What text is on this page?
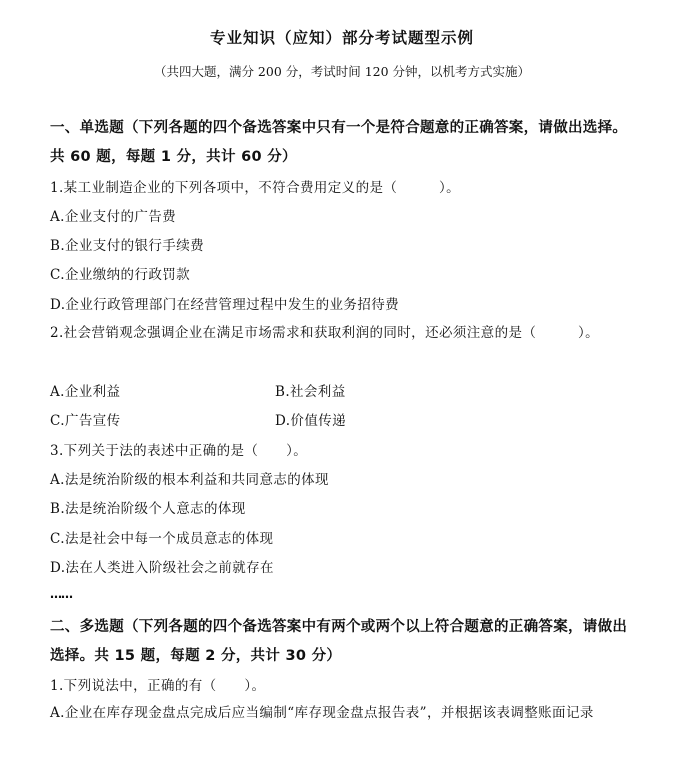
专业知识（应知）部分考试题型示例
（共四大题，满分 200 分，考试时间 120 分钟，以机考方式实施）
一、单选题（下列各题的四个备选答案中只有一个是符合题意的正确答案，请做出选择。共 60 题，每题 1 分，共计 60 分）
1.某工业制造企业的下列各项中，不符合费用定义的是（　　　）。
A.企业支付的广告费
B.企业支付的银行手续费
C.企业缴纳的行政罚款
D.企业行政管理部门在经营管理过程中发生的业务招待费
2.社会营销观念强调企业在满足市场需求和获取利润的同时，还必须注意的是（　　　）。
A.企业利益	B.社会利益
C.广告宣传	D.价值传递
3.下列关于法的表述中正确的是（　　）。
A.法是统治阶级的根本利益和共同意志的体现
B.法是统治阶级个人意志的体现
C.法是社会中每一个成员意志的体现
D.法在人类进入阶级社会之前就存在
……
二、多选题（下列各题的四个备选答案中有两个或两个以上符合题意的正确答案，请做出选择。共 15 题，每题 2 分，共计 30 分）
1.下列说法中，正确的有（　　）。
A.企业在库存现金盘点完成后应当编制“库存现金盘点报告表”，并根据该表调整账面记录
